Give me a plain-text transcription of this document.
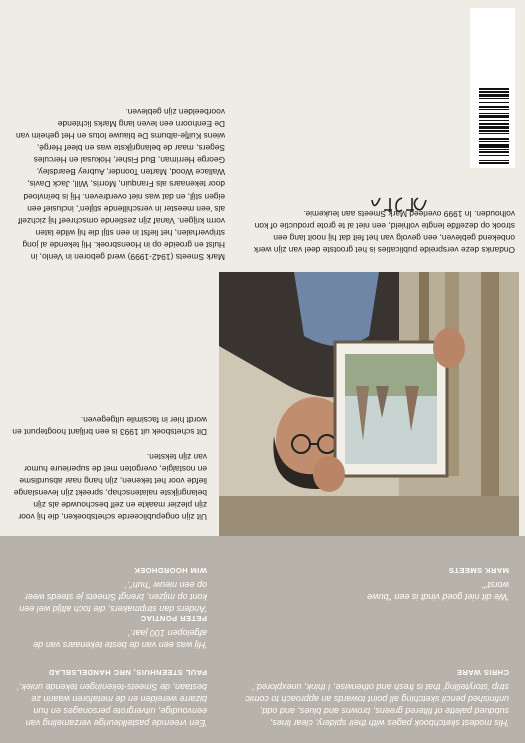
'Een vreemde pastelkleurige verzameling van eenvoudige, uitvergrote personages en hun bizarre werelden en de metaforen waarin ze bestaan, de Smeets-tekeningen tekende uniek.'
PAUL STEENHUIS, NRC HANDELSBLAD
'Hij was een van de beste tekenaars van de afgelopen 100 jaar.'
PETER PONTIAC
'Anders dan stripmakers, die toch altijd wel een kont op mijzen, brengt Smeets je steeds weer op een nieuw "huh".'
WIM HOORDHOEK
'His modest sketchbook pages with their spidery, clear lines, subdued palette of filtered greens, browns and blues, and odd, unfinished pencil sketching all point towards an approach to comic strip 'storytelling' that is fresh and otherwise, I think, unexplored.'
CHRIS WARE
'We dit niet goed vindt is een "buwe worst"'
MARK SMEETS

Uit zijn ongepubliceerde schetsboeken, die hij voor zijn plezier maakte en zelf beschouwde als zijn belangrijkste nalatenschap, spreekt zijn levenslange liefde voor het tekenen, zijn hang naar absurdisme en nostalgie, overgoten met de superieure humor van zijn teksten.

Dit schetsboek uit 1993 is een briljant hoogtepunt en wordt hier in facsimile uitgegeven.

Ondanks deze verspreide publicaties is het grootste deel van zijn werk onbekend gebleven, een gevolg van het feit dat hij nooit lang een strook op dezelfde lengte volhield, een niet al te grote productie of kon volhouden. In 1999 overleed Mark Smeets aan leukemie.

Mark Smeets (1942-1999) werd geboren in Venlo, in Hulst en groeide op in Hoensbroek. Hij tekende al jong stripverhalen, het liefst in een stijl die hij wilde laten vorm krijgen. Vanaf zijn zestiende omschreef hij zichzelf als 'een meester in verschillende stijlen', inclusief een eigen stijl, en dat was niet overdreven. Hij is beïnvloed door tekenaars als Franquin, Morris, Will, Jack Davis, Wallace Wood, Marten Toonder, Aubrey Beardsley, George Herriman, Bud Fisher, Hokusai en Hercules Segers, maar de belangrijkste was en bleef Hergé, wiens Kuifje-albums De blauwe lotus en Het geheim van De Eenhoorn een leven lang Marks lichtende voorbeelden zijn gebleven.
